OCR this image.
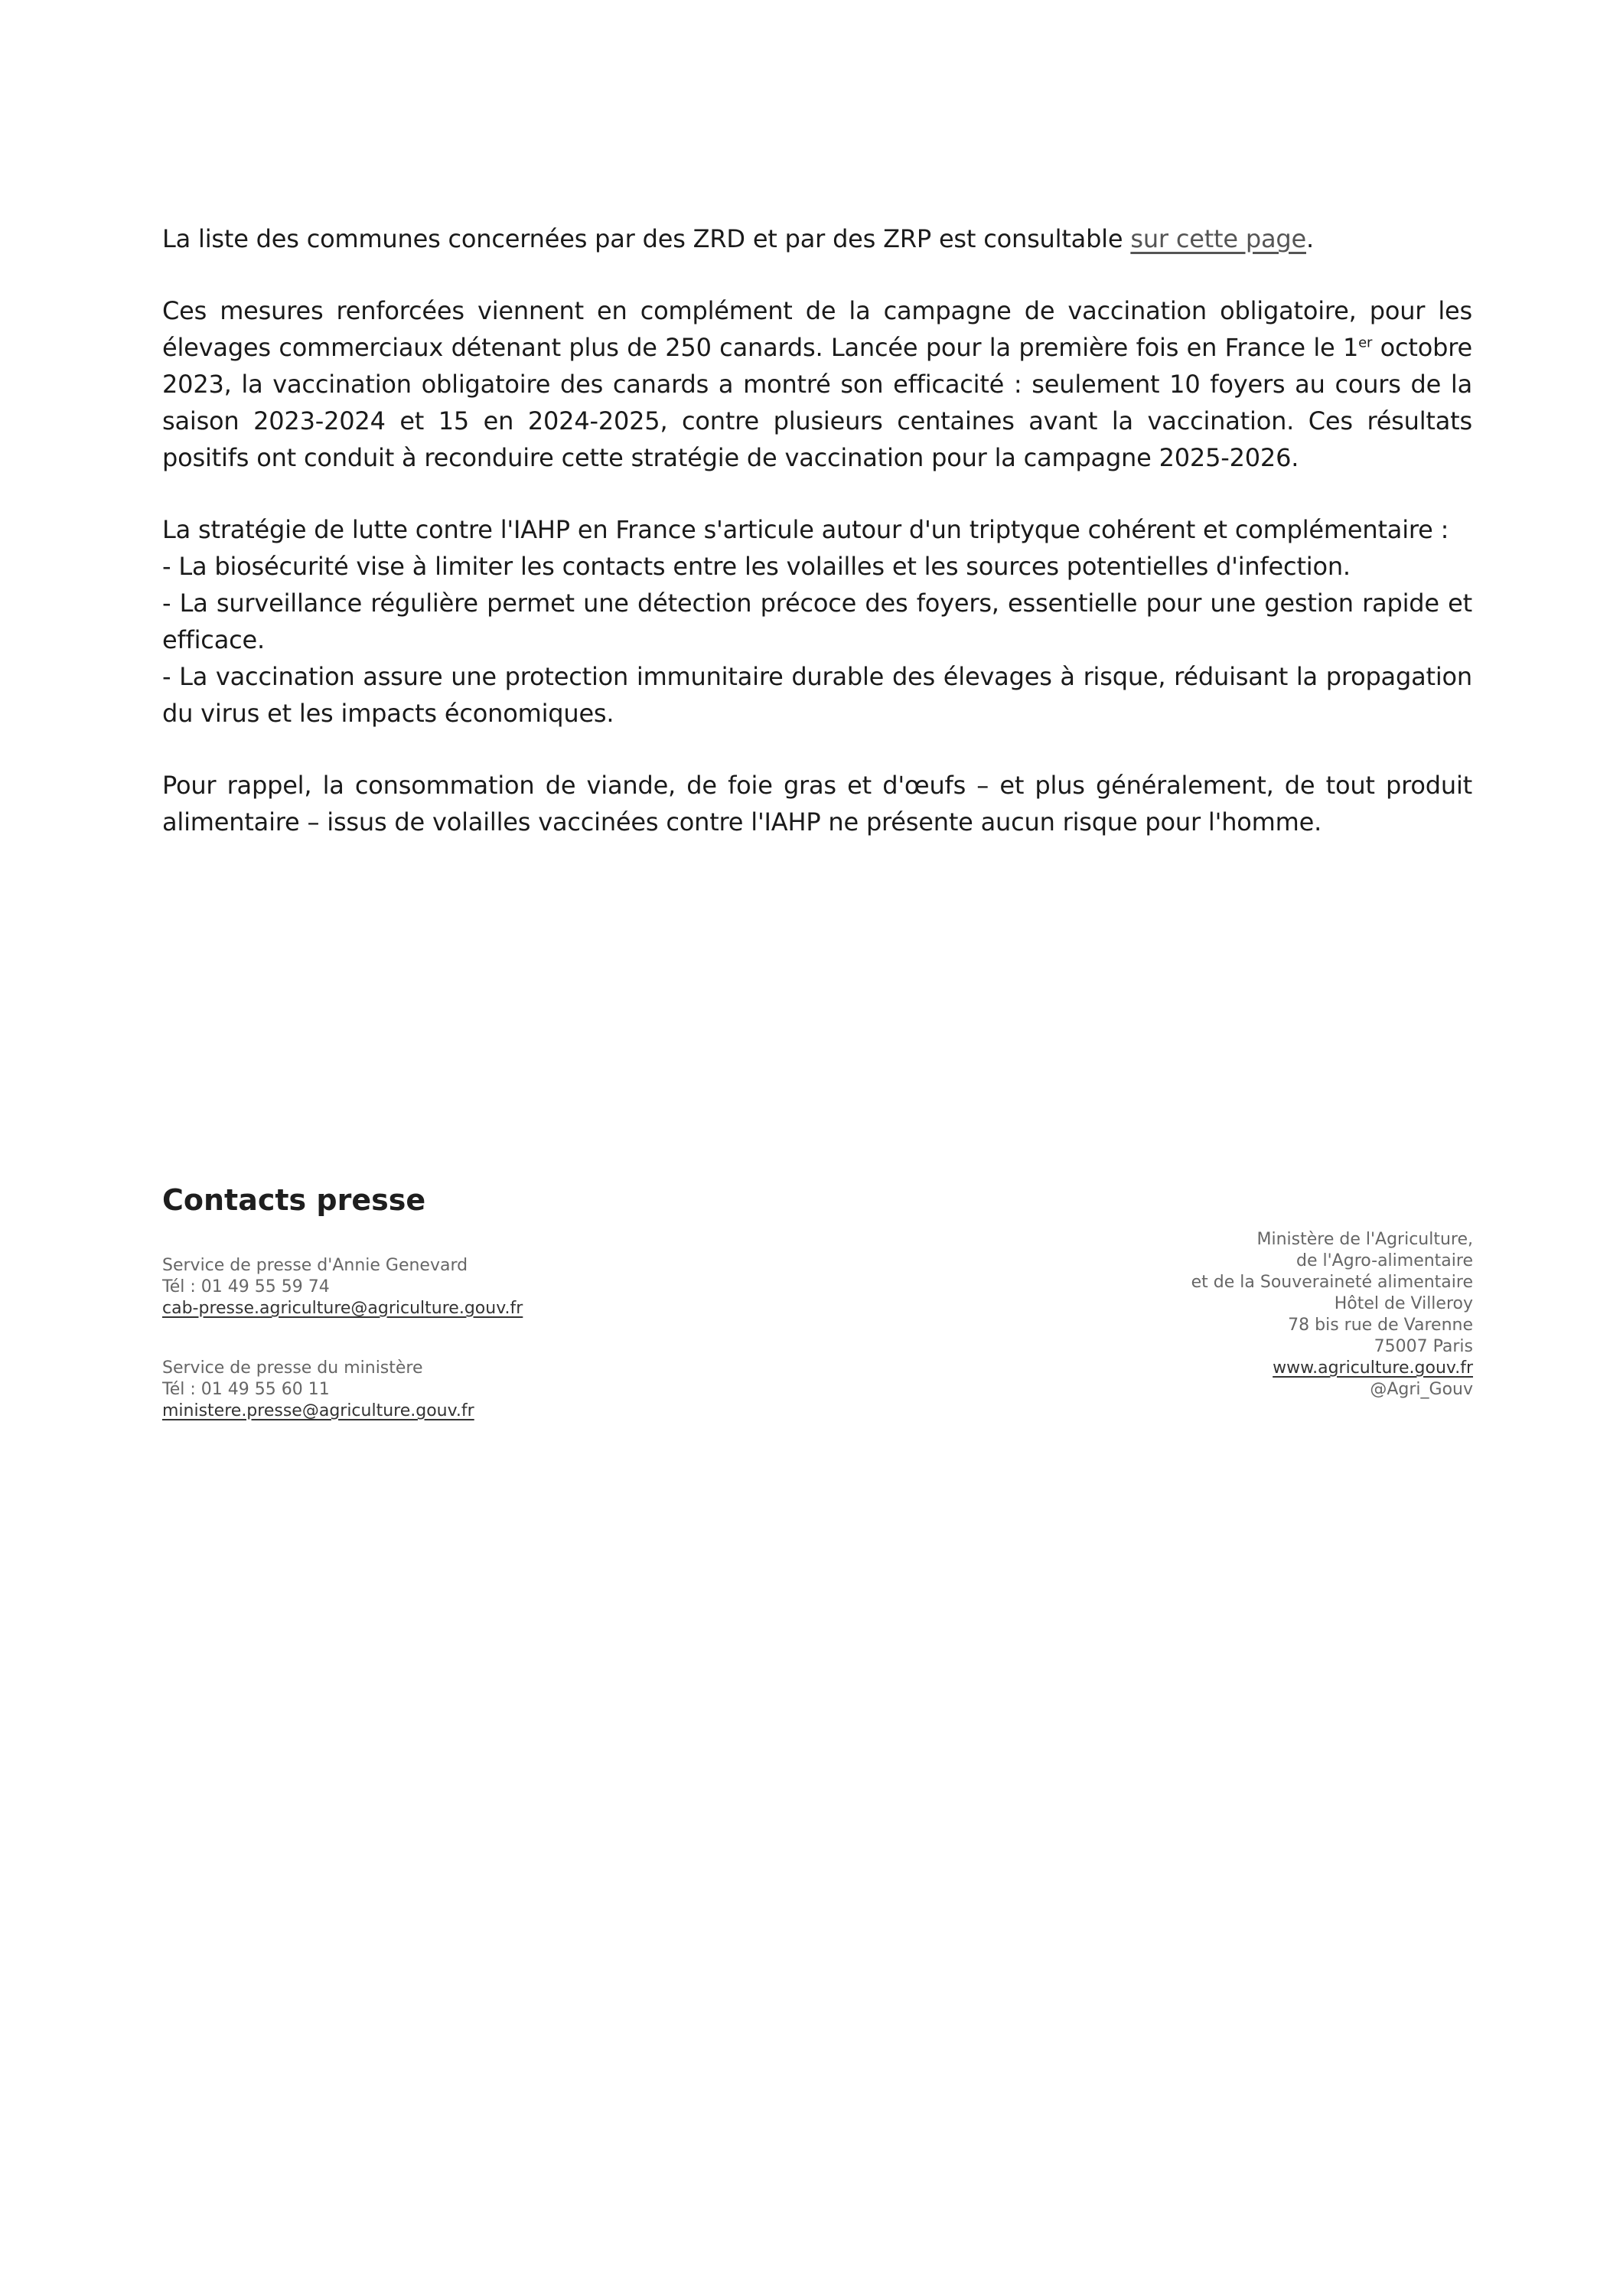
La liste des communes concernées par des ZRD et par des ZRP est consultable sur cette page.

Ces mesures renforcées viennent en complément de la campagne de vaccination obligatoire, pour les élevages commerciaux détenant plus de 250 canards. Lancée pour la première fois en France le 1er octobre 2023, la vaccination obligatoire des canards a montré son efficacité : seulement 10 foyers au cours de la saison 2023-2024 et 15 en 2024-2025, contre plusieurs centaines avant la vaccination. Ces résultats positifs ont conduit à reconduire cette stratégie de vaccination pour la campagne 2025-2026.

La stratégie de lutte contre l'IAHP en France s'articule autour d'un triptyque cohérent et complémentaire :
- La biosécurité vise à limiter les contacts entre les volailles et les sources potentielles d'infection.
- La surveillance régulière permet une détection précoce des foyers, essentielle pour une gestion rapide et efficace.
- La vaccination assure une protection immunitaire durable des élevages à risque, réduisant la propagation du virus et les impacts économiques.

Pour rappel, la consommation de viande, de foie gras et d'œufs – et plus généralement, de tout produit alimentaire – issus de volailles vaccinées contre l'IAHP ne présente aucun risque pour l'homme.

Contacts presse
Service de presse d'Annie Genevard
Tél : 01 49 55 59 74
cab-presse.agriculture@agriculture.gouv.fr
Service de presse du ministère
Tél : 01 49 55 60 11
ministere.presse@agriculture.gouv.fr
Ministère de l'Agriculture,
de l'Agro-alimentaire
et de la Souveraineté alimentaire
Hôtel de Villeroy
78 bis rue de Varenne
75007 Paris
www.agriculture.gouv.fr
@Agri_Gouv
